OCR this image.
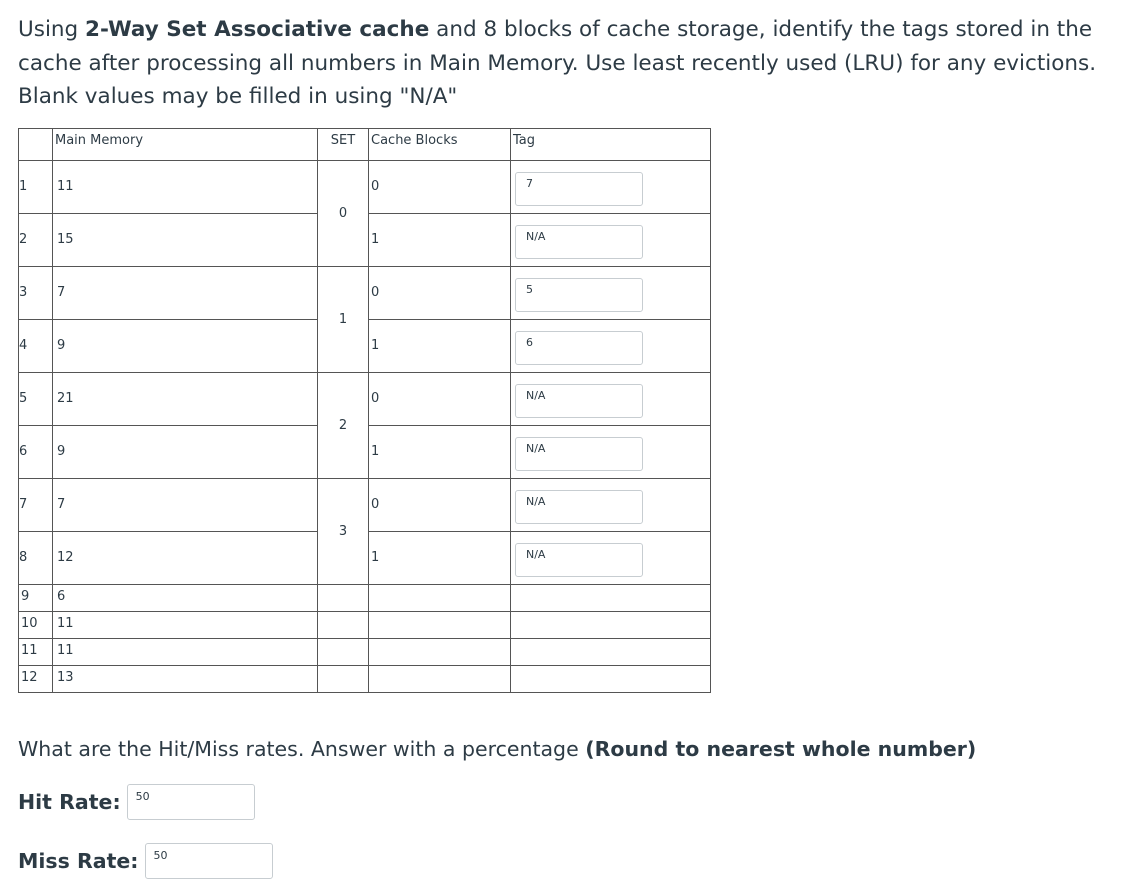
Using 2-Way Set Associative cache and 8 blocks of cache storage, identify the tags stored in the cache after processing all numbers in Main Memory. Use least recently used (LRU) for any evictions. Blank values may be filled in using "N/A"

	Main Memory	SET	Cache Blocks	Tag

1	11	0	0	7

2	15		1	N/A

3	7	1	0	5

4	9		1	6

5	21	2	0	N/A

6	9		1	N/A

7	7	3	0	N/A

8	12		1	N/A

9	6			

10	11			

11	11			

12	13			

What are the Hit/Miss rates. Answer with a percentage (Round to nearest whole number)
Hit Rate:	50
Miss Rate:	50
